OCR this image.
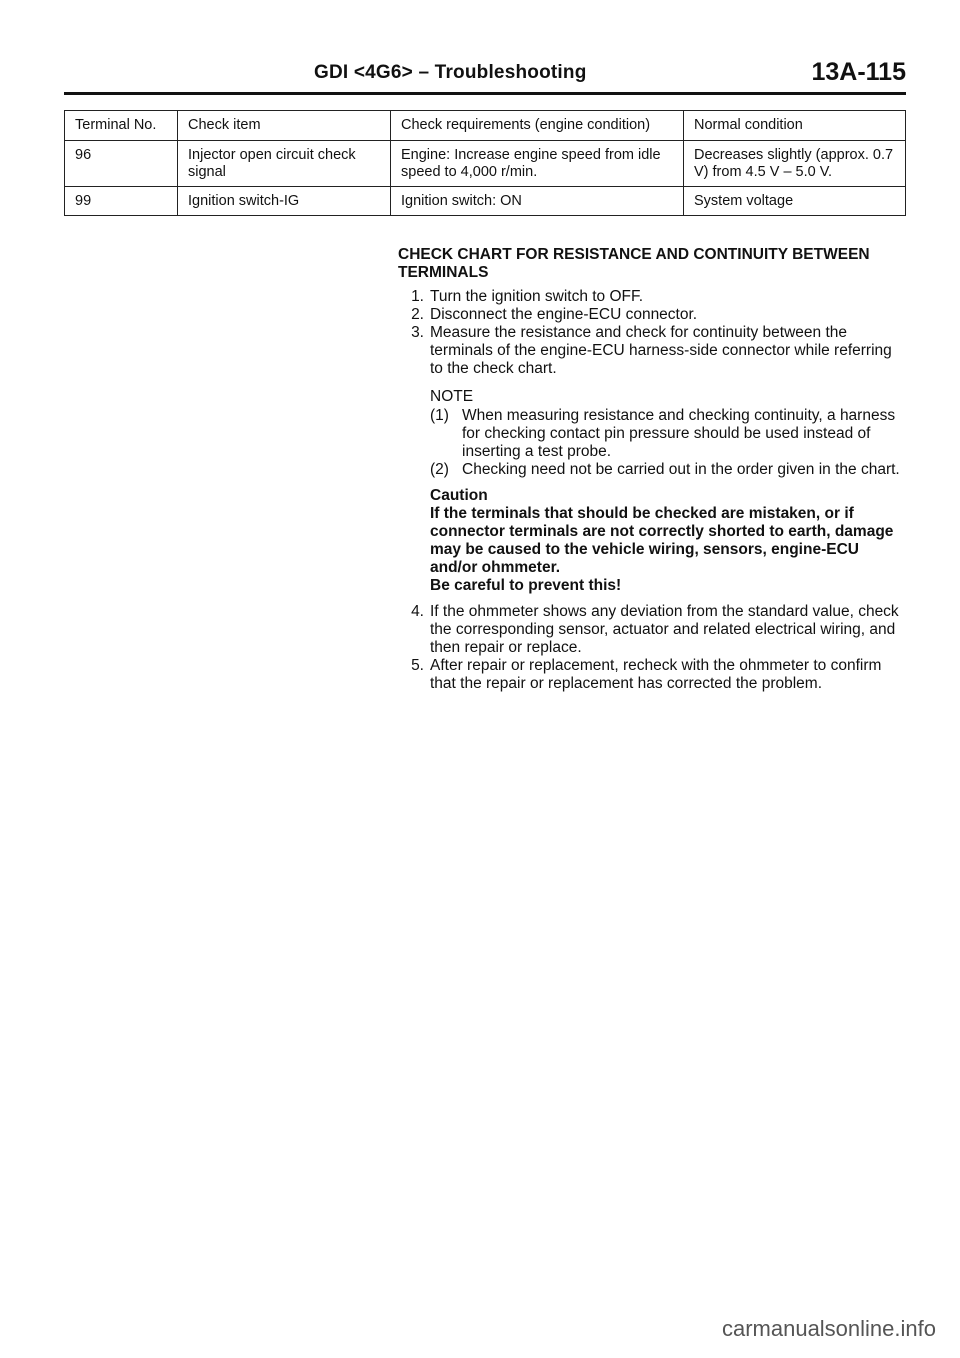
GDI <4G6> – Troubleshooting	13A-115
Terminal No.	Check item	Check requirements (engine condition)	Normal condition
96	Injector open circuit check signal	Engine: Increase engine speed from idle speed to 4,000 r/min.	Decreases slightly (approx. 0.7 V) from 4.5 V – 5.0 V.
99	Ignition switch-IG	Ignition switch: ON	System voltage
CHECK CHART FOR RESISTANCE AND CONTINUITY BETWEEN TERMINALS
1. Turn the ignition switch to OFF.
2. Disconnect the engine-ECU connector.
3. Measure the resistance and check for continuity between the terminals of the engine-ECU harness-side connector while referring to the check chart.
NOTE
(1) When measuring resistance and checking continuity, a harness for checking contact pin pressure should be used instead of inserting a test probe.
(2) Checking need not be carried out in the order given in the chart.
Caution
If the terminals that should be checked are mistaken, or if connector terminals are not correctly shorted to earth, damage may be caused to the vehicle wiring, sensors, engine-ECU and/or ohmmeter.
Be careful to prevent this!
4. If the ohmmeter shows any deviation from the standard value, check the corresponding sensor, actuator and related electrical wiring, and then repair or replace.
5. After repair or replacement, recheck with the ohmmeter to confirm that the repair or replacement has corrected the problem.
carmanualsonline.info
